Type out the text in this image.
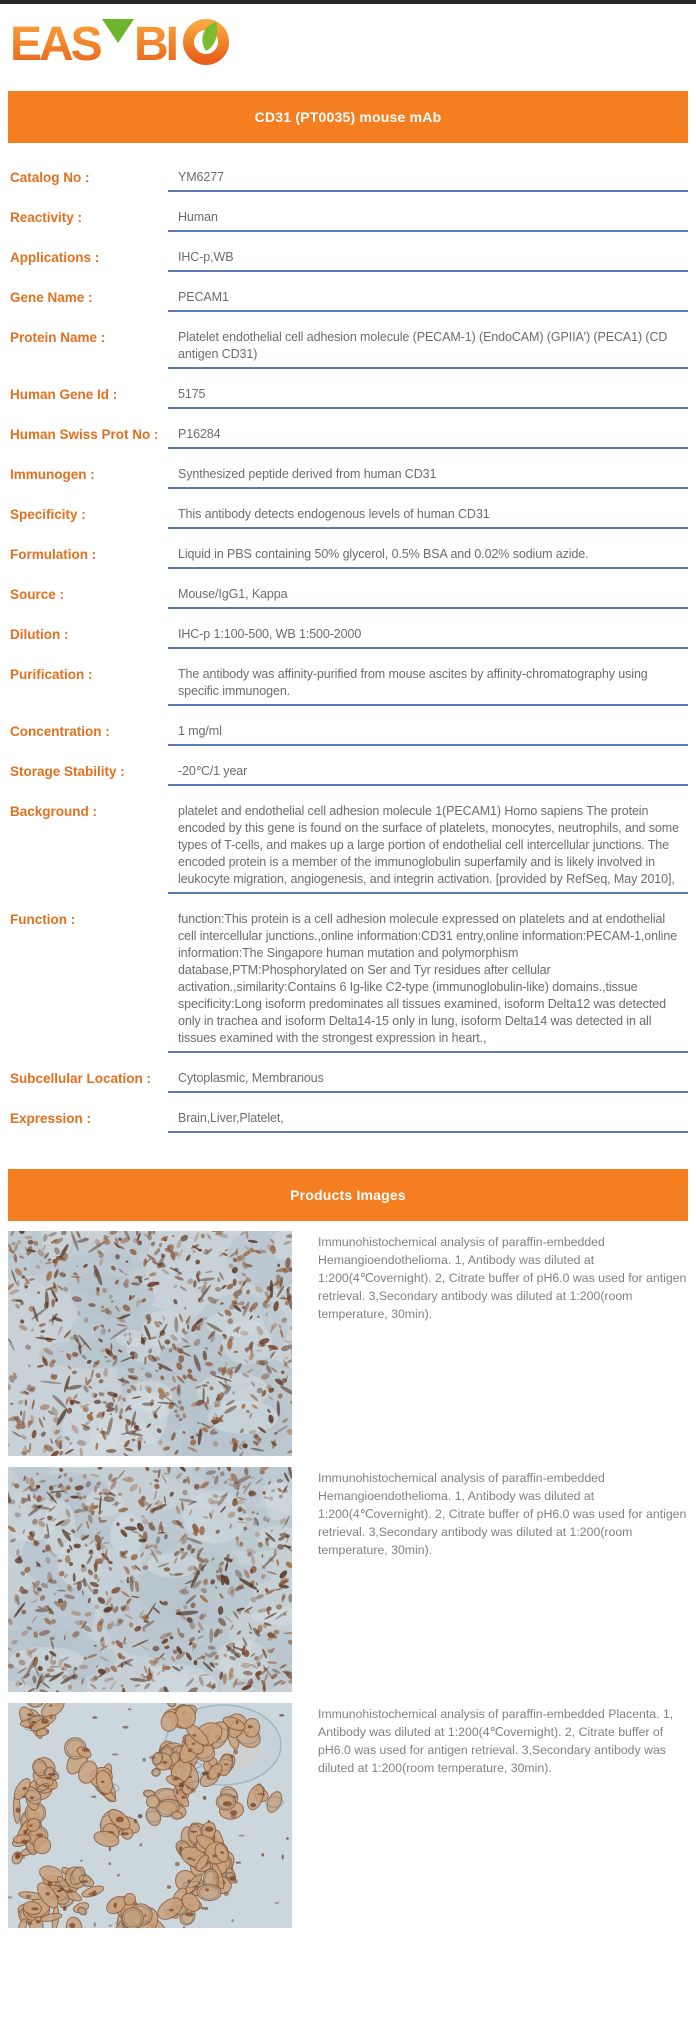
EAS BI
CD31 (PT0035) mouse mAb
Catalog No :	YM6277
Reactivity :	Human
Applications :	IHC-p,WB
Gene Name :	PECAM1
Protein Name :	Platelet endothelial cell adhesion molecule (PECAM-1) (EndoCAM) (GPIIA') (PECA1) (CD antigen CD31)
Human Gene Id :	5175
Human Swiss Prot No :	P16284
Immunogen :	Synthesized peptide derived from human CD31
Specificity :	This antibody detects endogenous levels of human CD31
Formulation :	Liquid in PBS containing 50% glycerol, 0.5% BSA and 0.02% sodium azide.
Source :	Mouse/IgG1, Kappa
Dilution :	IHC-p 1:100-500, WB 1:500-2000
Purification :	The antibody was affinity-purified from mouse ascites by affinity-chromatography using specific immunogen.
Concentration :	1 mg/ml
Storage Stability :	-20℃/1 year
Background :	platelet and endothelial cell adhesion molecule 1(PECAM1) Homo sapiens The protein encoded by this gene is found on the surface of platelets, monocytes, neutrophils, and some types of T-cells, and makes up a large portion of endothelial cell intercellular junctions. The encoded protein is a member of the immunoglobulin superfamily and is likely involved in leukocyte migration, angiogenesis, and integrin activation. [provided by RefSeq, May 2010],
Function :	function:This protein is a cell adhesion molecule expressed on platelets and at endothelial cell intercellular junctions.,online information:CD31 entry,online information:PECAM-1,online information:The Singapore human mutation and polymorphism database,PTM:Phosphorylated on Ser and Tyr residues after cellular activation.,similarity:Contains 6 Ig-like C2-type (immunoglobulin-like) domains.,tissue specificity:Long isoform predominates all tissues examined, isoform Delta12 was detected only in trachea and isoform Delta14-15 only in lung, isoform Delta14 was detected in all tissues examined with the strongest expression in heart.,
Subcellular Location :	Cytoplasmic, Membranous
Expression :	Brain,Liver,Platelet,
Products Images
Immunohistochemical analysis of paraffin-embedded Hemangioendothelioma. 1, Antibody was diluted at 1:200(4℃overnight). 2, Citrate buffer of pH6.0 was used for antigen retrieval. 3,Secondary antibody was diluted at 1:200(room temperature, 30min).
Immunohistochemical analysis of paraffin-embedded Hemangioendothelioma. 1, Antibody was diluted at 1:200(4℃overnight). 2, Citrate buffer of pH6.0 was used for antigen retrieval. 3,Secondary antibody was diluted at 1:200(room temperature, 30min).
Immunohistochemical analysis of paraffin-embedded Placenta. 1, Antibody was diluted at 1:200(4℃overnight). 2, Citrate buffer of pH6.0 was used for antigen retrieval. 3,Secondary antibody was diluted at 1:200(room temperature, 30min).
